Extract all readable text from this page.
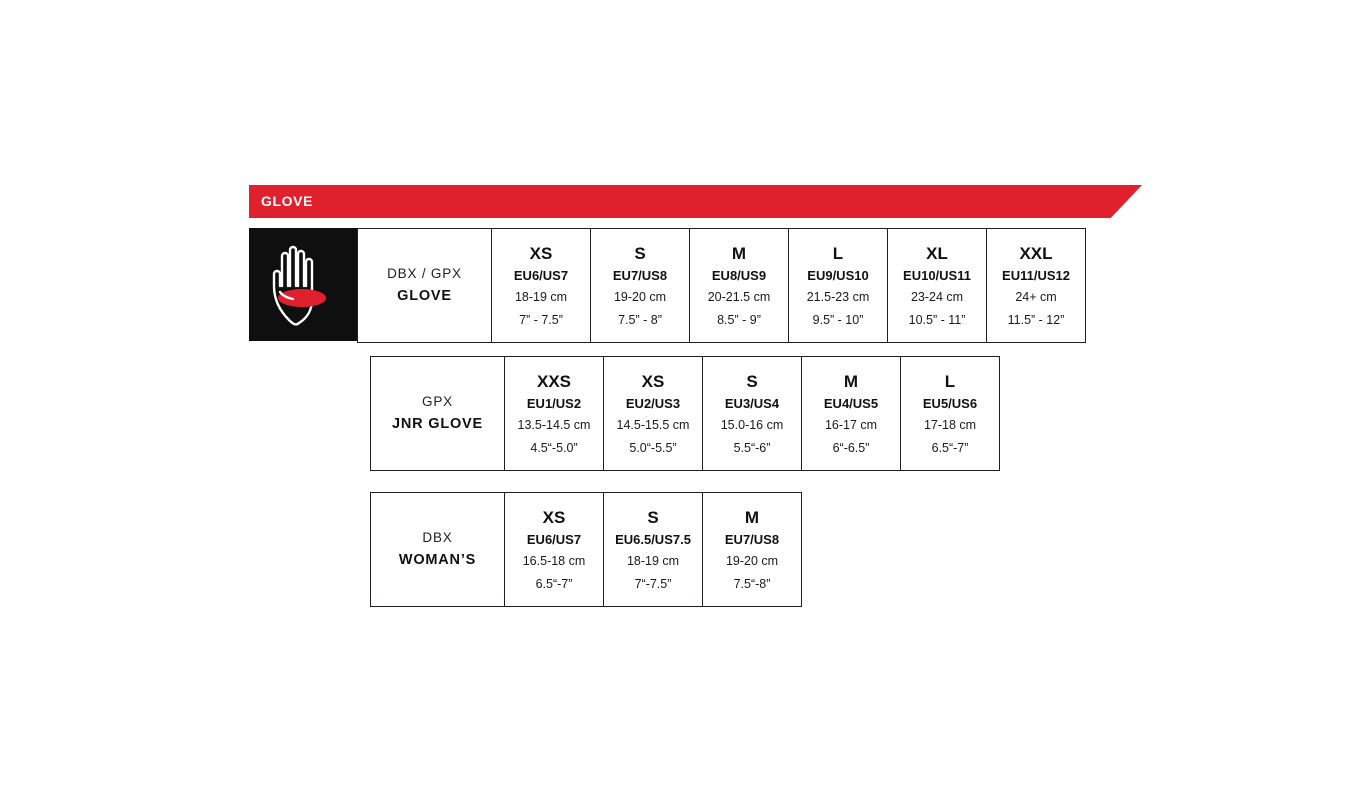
GLOVE
DBX / GPX
GLOVE

XS
EU6/US7
18-19 cm
7” - 7.5”

S
EU7/US8
19-20 cm
7.5” - 8”

M
EU8/US9
20-21.5 cm
8.5” - 9”

L
EU9/US10
21.5-23 cm
9.5” - 10”

XL
EU10/US11
23-24 cm
10.5” - 11”

XXL
EU11/US12
24+ cm
11.5” - 12”
GPX
JNR GLOVE

XXS
EU1/US2
13.5-14.5 cm
4.5“-5.0”

XS
EU2/US3
14.5-15.5 cm
5.0“-5.5”

S
EU3/US4
15.0-16 cm
5.5“-6”

M
EU4/US5
16-17 cm
6“-6.5”

L
EU5/US6
17-18 cm
6.5“-7”
DBX
WOMAN’S

XS
EU6/US7
16.5-18 cm
6.5“-7”

S
EU6.5/US7.5
18-19 cm
7“-7.5”

M
EU7/US8
19-20 cm
7.5“-8”
